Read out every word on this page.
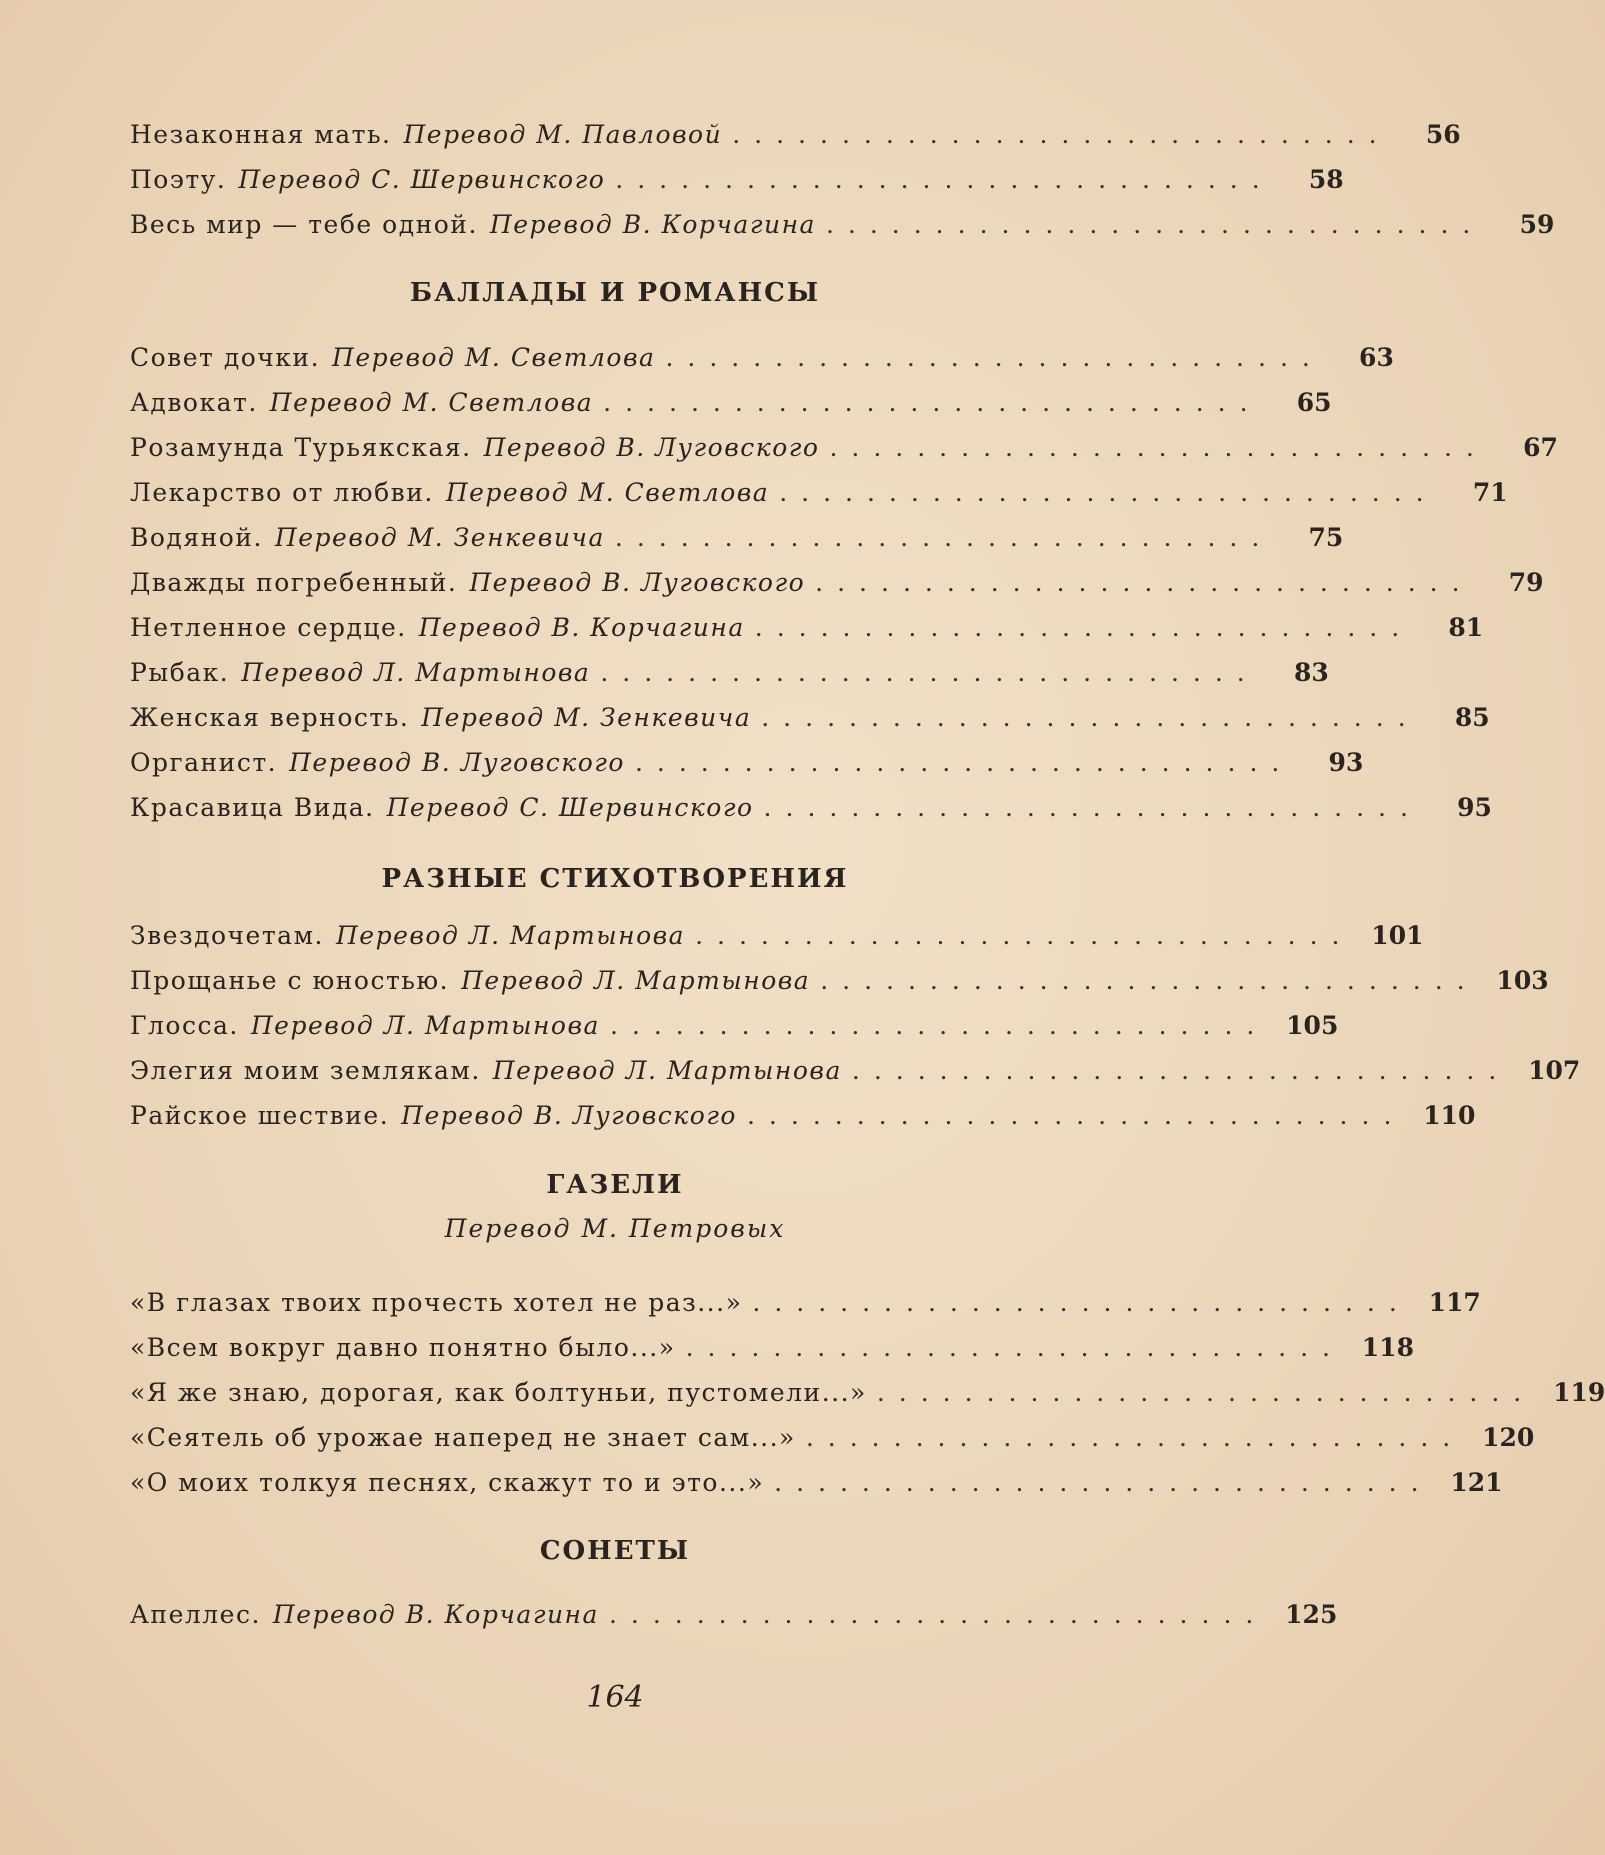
Незаконная мать. Перевод М. Павловой ..............................	56
Поэту. Перевод С. Шервинского ..............................	58
Весь мир — тебе одной. Перевод В. Корчагина ..............................	59
БАЛЛАДЫ И РОМАНСЫ
Совет дочки. Перевод М. Светлова ..............................	63
Адвокат. Перевод М. Светлова ..............................	65
Розамунда Турьякская. Перевод В. Луговского ..............................	67
Лекарство от любви. Перевод М. Светлова ..............................	71
Водяной. Перевод М. Зенкевича ..............................	75
Дважды погребенный. Перевод В. Луговского ..............................	79
Нетленное сердце. Перевод В. Корчагина ..............................	81
Рыбак. Перевод Л. Мартынова ..............................	83
Женская верность. Перевод М. Зенкевича ..............................	85
Органист. Перевод В. Луговского ..............................	93
Красавица Вида. Перевод С. Шервинского ..............................	95
РАЗНЫЕ СТИХОТВОРЕНИЯ
Звездочетам. Перевод Л. Мартынова .............................. 101
Прощанье с юностью. Перевод Л. Мартынова .............................. 103
Глосса. Перевод Л. Мартынова .............................. 105
Элегия моим землякам. Перевод Л. Мартынова .............................. 107
Райское шествие. Перевод В. Луговского .............................. 110
ГАЗЕЛИ
Перевод М. Петровых
«В глазах твоих прочесть хотел не раз...» .............................. 117
«Всем вокруг давно понятно было...» .............................. 118
«Я же знаю, дорогая, как болтуньи, пустомели...» .............................. 119
«Сеятель об урожае наперед не знает сам...» .............................. 120
«О моих толкуя песнях, скажут то и это...» .............................. 121
СОНЕТЫ
Апеллес. Перевод В. Корчагина .............................. 125
164
